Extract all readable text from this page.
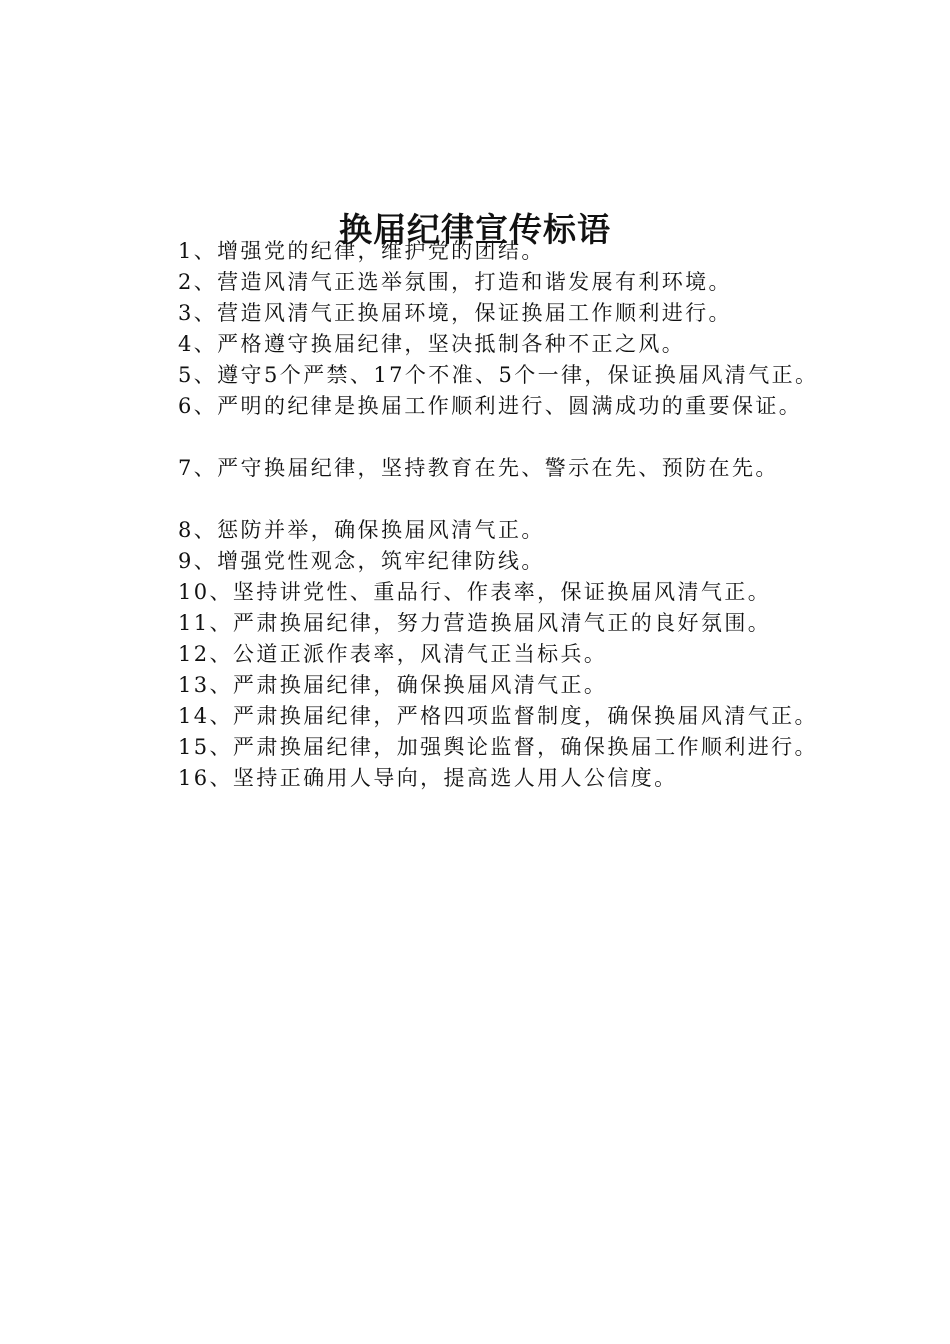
换届纪律宣传标语
1、增强党的纪律，维护党的团结。
2、营造风清气正选举氛围，打造和谐发展有利环境。
3、营造风清气正换届环境，保证换届工作顺利进行。
4、严格遵守换届纪律，坚决抵制各种不正之风。
5、遵守5个严禁、17个不准、5个一律，保证换届风清气正。
6、严明的纪律是换届工作顺利进行、圆满成功的重要保证。
7、严守换届纪律，坚持教育在先、警示在先、预防在先。
8、惩防并举，确保换届风清气正。
9、增强党性观念，筑牢纪律防线。
10、坚持讲党性、重品行、作表率，保证换届风清气正。
11、严肃换届纪律，努力营造换届风清气正的良好氛围。
12、公道正派作表率，风清气正当标兵。
13、严肃换届纪律，确保换届风清气正。
14、严肃换届纪律，严格四项监督制度，确保换届风清气正。
15、严肃换届纪律，加强舆论监督，确保换届工作顺利进行。
16、坚持正确用人导向，提高选人用人公信度。
